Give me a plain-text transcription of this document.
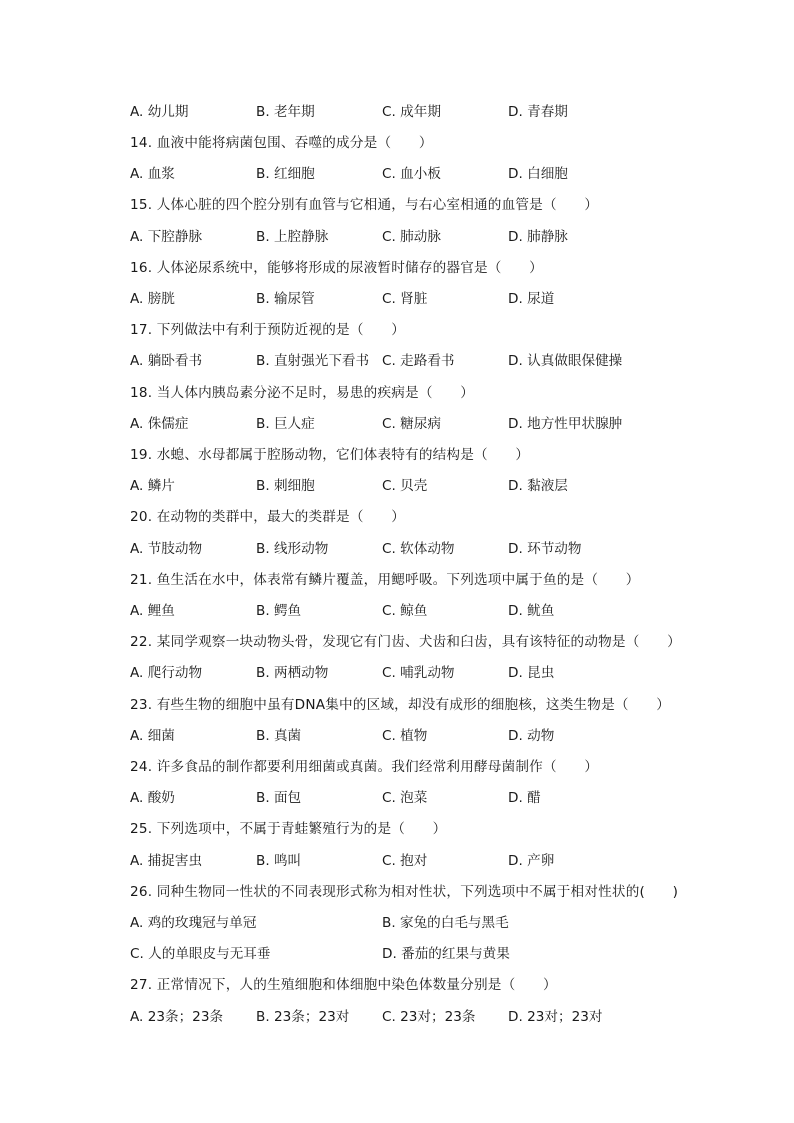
A. 幼儿期	B. 老年期	C. 成年期	D. 青春期
14. 血液中能将病菌包围、吞噬的成分是（　　）
A. 血浆	B. 红细胞	C. 血小板	D. 白细胞
15. 人体心脏的四个腔分别有血管与它相通，与右心室相通的血管是（　　）
A. 下腔静脉	B. 上腔静脉	C. 肺动脉	D. 肺静脉
16. 人体泌尿系统中，能够将形成的尿液暂时储存的器官是（　　）
A. 膀胱	B. 输尿管	C. 肾脏	D. 尿道
17. 下列做法中有利于预防近视的是（　　）
A. 躺卧看书	B. 直射强光下看书 C. 走路看书	D. 认真做眼保健操
18. 当人体内胰岛素分泌不足时，易患的疾病是（　　）
A. 侏儒症	B. 巨人症	C. 糖尿病	D. 地方性甲状腺肿
19. 水螅、水母都属于腔肠动物，它们体表特有的结构是（　　）
A. 鳞片	B. 刺细胞	C. 贝壳	D. 黏液层
20. 在动物的类群中，最大的类群是（　　）
A. 节肢动物	B. 线形动物	C. 软体动物	D. 环节动物
21. 鱼生活在水中，体表常有鳞片覆盖，用鳃呼吸。下列选项中属于鱼的是（　　）
A. 鲤鱼	B. 鳄鱼	C. 鲸鱼	D. 鱿鱼
22. 某同学观察一块动物头骨，发现它有门齿、犬齿和臼齿，具有该特征的动物是（　　）
A. 爬行动物	B. 两栖动物	C. 哺乳动物	D. 昆虫
23. 有些生物的细胞中虽有DNA集中的区域，却没有成形的细胞核，这类生物是（　　）
A. 细菌	B. 真菌	C. 植物	D. 动物
24. 许多食品的制作都要利用细菌或真菌。我们经常利用酵母菌制作（　　）
A. 酸奶	B. 面包	C. 泡菜	D. 醋
25. 下列选项中，不属于青蛙繁殖行为的是（　　）
A. 捕捉害虫	B. 鸣叫	C. 抱对	D. 产卵
26. 同种生物同一性状的不同表现形式称为相对性状，下列选项中不属于相对性状的(　　)
A. 鸡的玫瑰冠与单冠	B. 家兔的白毛与黑毛
C. 人的单眼皮与无耳垂	D. 番茄的红果与黄果
27. 正常情况下，人的生殖细胞和体细胞中染色体数量分别是（　　）
A. 23条；23条 B. 23条；23对 C. 23对；23条 D. 23对；23对
